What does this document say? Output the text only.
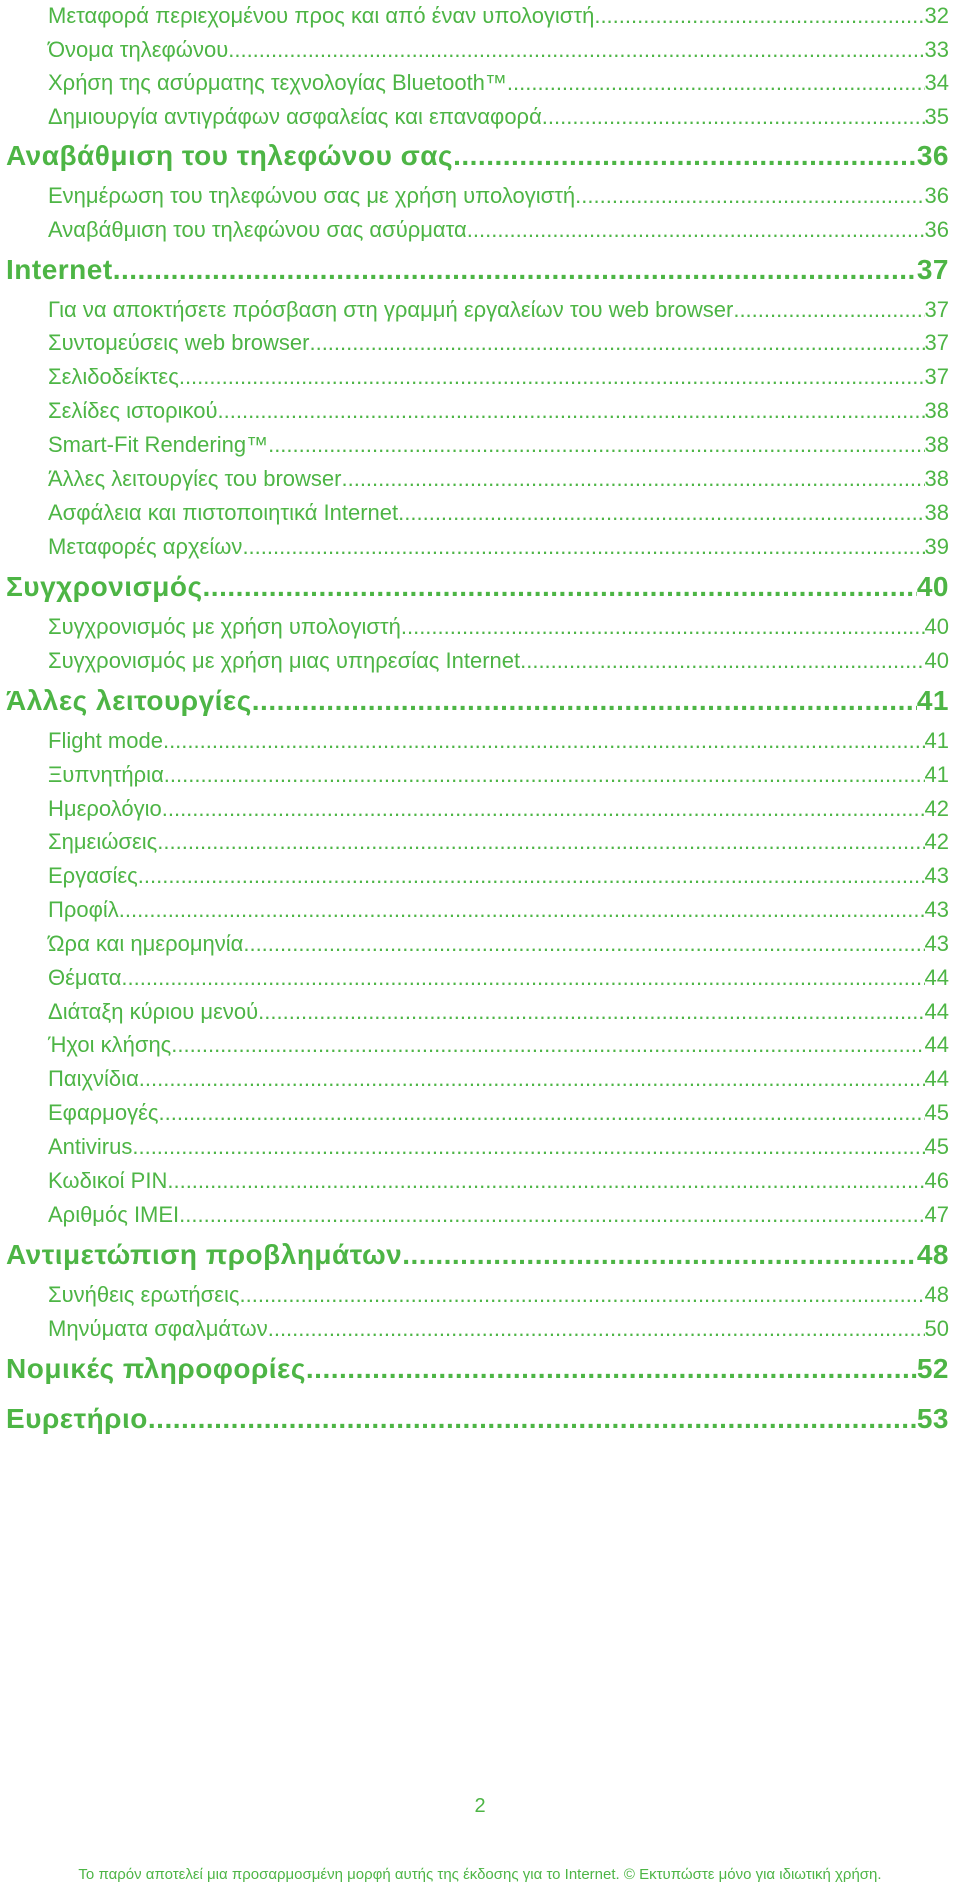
Μεταφορά περιεχομένου προς και από έναν υπολογιστή .....	32
Όνομα τηλεφώνου .....	33
Χρήση της ασύρματης τεχνολογίας Bluetooth™ .....	34
Δημιουργία αντιγράφων ασφαλείας και επαναφορά .....	35
Αναβάθμιση του τηλεφώνου σας .....	36
Ενημέρωση του τηλεφώνου σας με χρήση υπολογιστή .....	36
Αναβάθμιση του τηλεφώνου σας ασύρματα .....	36
Internet .....	37
Για να αποκτήσετε πρόσβαση στη γραμμή εργαλείων του web browser .....	37
Συντομεύσεις web browser .....	37
Σελιδοδείκτες .....	37
Σελίδες ιστορικού .....	38
Smart-Fit Rendering™ .....	38
Άλλες λειτουργίες του browser .....	38
Ασφάλεια και πιστοποιητικά Internet .....	38
Μεταφορές αρχείων .....	39
Συγχρονισμός .....	40
Συγχρονισμός με χρήση υπολογιστή .....	40
Συγχρονισμός με χρήση μιας υπηρεσίας Internet .....	40
Άλλες λειτουργίες .....	41
Flight mode .....	41
Ξυπνητήρια .....	41
Ημερολόγιο .....	42
Σημειώσεις .....	42
Εργασίες .....	43
Προφίλ .....	43
Ώρα και ημερομηνία .....	43
Θέματα .....	44
Διάταξη κύριου μενού .....	44
Ήχοι κλήσης .....	44
Παιχνίδια .....	44
Εφαρμογές .....	45
Antivirus .....	45
Κωδικοί PIN .....	46
Αριθμός IMEI .....	47
Αντιμετώπιση προβλημάτων .....	48
Συνήθεις ερωτήσεις .....	48
Μηνύματα σφαλμάτων .....	50
Νομικές πληροφορίες .....	52
Ευρετήριο .....	53
2
Το παρόν αποτελεί μια προσαρμοσμένη μορφή αυτής της έκδοσης για το Internet. © Εκτυπώστε μόνο για ιδιωτική χρήση.
